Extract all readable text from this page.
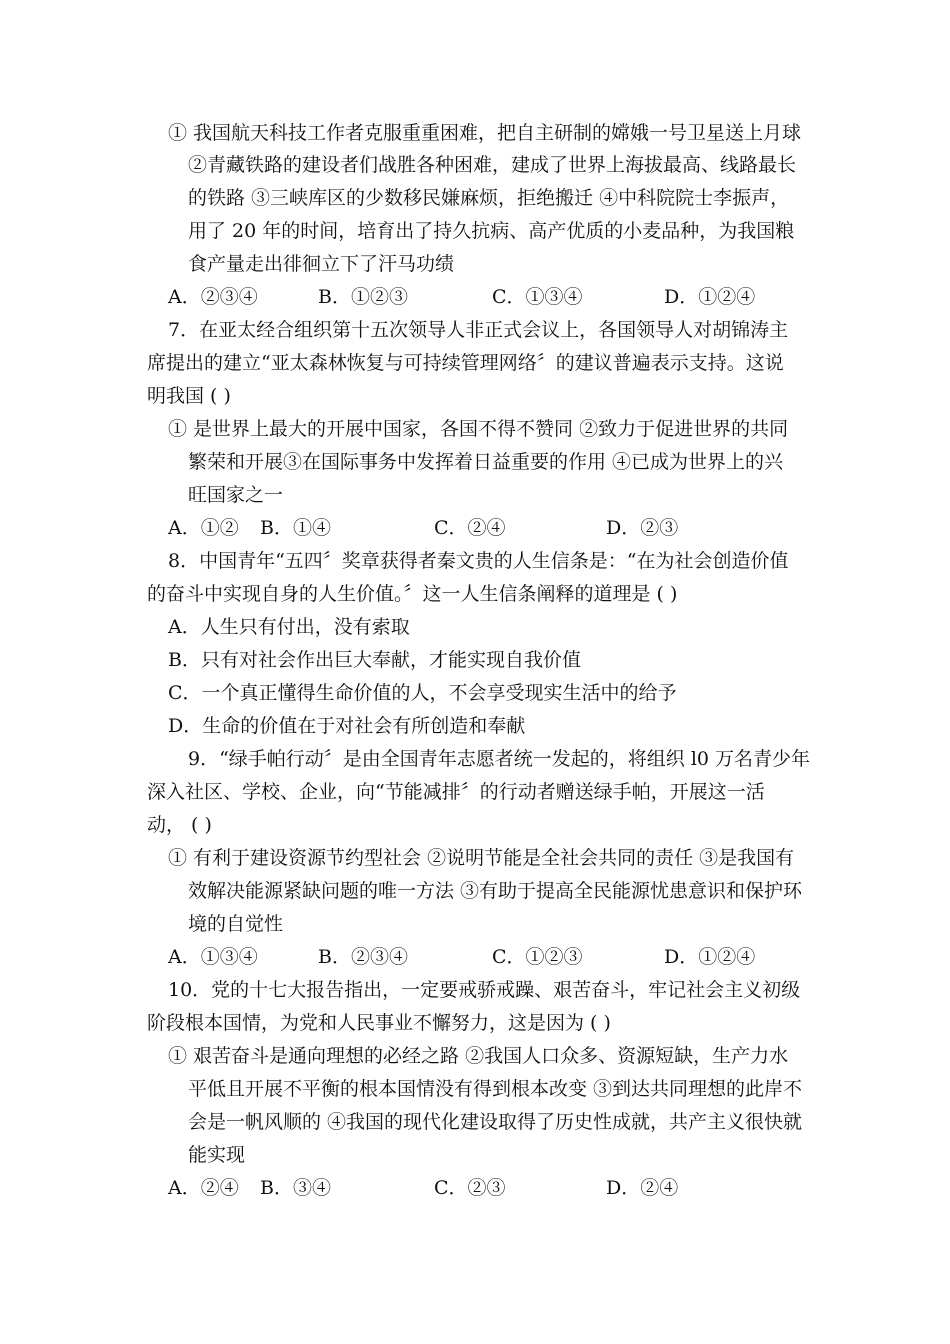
① 我国航天科技工作者克服重重困难，把自主研制的嫦娥一号卫星送上月球
②青藏铁路的建设者们战胜各种困难，建成了世界上海拔最高、线路最长
的铁路 ③三峡库区的少数移民嫌麻烦，拒绝搬迁 ④中科院院士李振声，
用了 20 年的时间，培育出了持久抗病、高产优质的小麦品种，为我国粮
食产量走出徘徊立下了汗马功绩
A．②③④	B．①②③	C．①③④	D．①②④
7．在亚太经合组织第十五次领导人非正式会议上，各国领导人对胡锦涛主
席提出的建立“亚太森林恢复与可持续管理网络〞的建议普遍表示支持。这说
明我国 ( )
① 是世界上最大的开展中国家，各国不得不赞同 ②致力于促进世界的共同
繁荣和开展③在国际事务中发挥着日益重要的作用 ④已成为世界上的兴
旺国家之一
A．①② B．①④	C．②④	D．②③
8．中国青年“五四〞奖章获得者秦文贵的人生信条是：“在为社会创造价值
的奋斗中实现自身的人生价值。〞这一人生信条阐释的道理是 ( )
A．人生只有付出，没有索取
B．只有对社会作出巨大奉献，才能实现自我价值
C．一个真正懂得生命价值的人，不会享受现实生活中的给予
D．生命的价值在于对社会有所创造和奉献
9．“绿手帕行动〞是由全国青年志愿者统一发起的，将组织 l0 万名青少年
深入社区、学校、企业，向“节能减排〞的行动者赠送绿手帕，开展这一活
动， ( )
① 有利于建设资源节约型社会 ②说明节能是全社会共同的责任 ③是我国有
效解决能源紧缺问题的唯一方法 ③有助于提高全民能源忧患意识和保护环
境的自觉性
A．①③④	B．②③④	C．①②③	D．①②④
10．党的十七大报告指出，一定要戒骄戒躁、艰苦奋斗，牢记社会主义初级
阶段根本国情，为党和人民事业不懈努力，这是因为 ( )
① 艰苦奋斗是通向理想的必经之路 ②我国人口众多、资源短缺，生产力水
平低且开展不平衡的根本国情没有得到根本改变 ③到达共同理想的此岸不
会是一帆风顺的 ④我国的现代化建设取得了历史性成就，共产主义很快就
能实现
A．②④ B．③④	C．②③	D．②④
